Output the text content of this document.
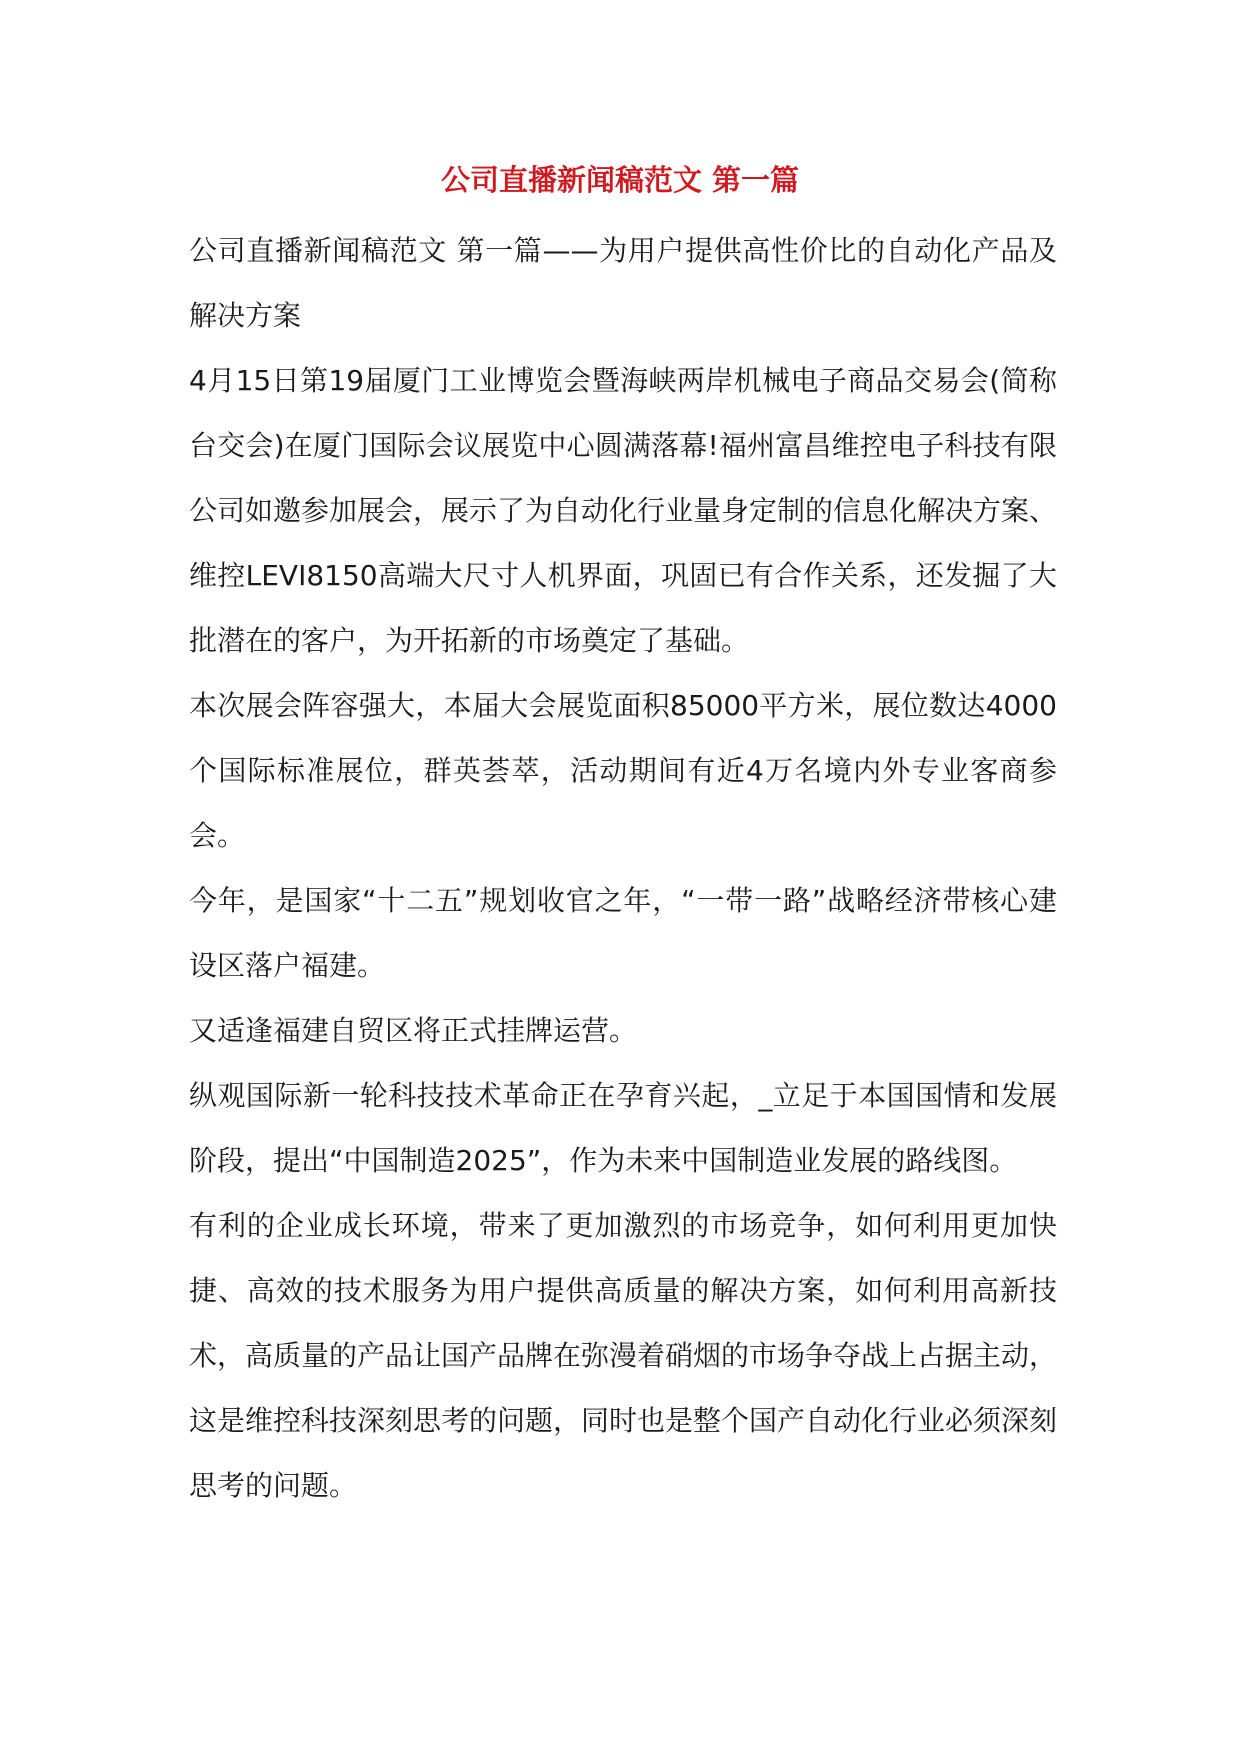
公司直播新闻稿范文 第一篇

公司直播新闻稿范文 第一篇——为用户提供高性价比的自动化产品及解决方案

4月15日第19届厦门工业博览会暨海峡两岸机械电子商品交易会(简称台交会)在厦门国际会议展览中心圆满落幕!福州富昌维控电子科技有限公司如邀参加展会，展示了为自动化行业量身定制的信息化解决方案、维控LEVI8150高端大尺寸人机界面，巩固已有合作关系，还发掘了大批潜在的客户，为开拓新的市场奠定了基础。

本次展会阵容强大，本届大会展览面积85000平方米，展位数达4000个国际标准展位，群英荟萃，活动期间有近4万名境内外专业客商参会。

今年，是国家“十二五”规划收官之年，“一带一路”战略经济带核心建设区落户福建。

又适逢福建自贸区将正式挂牌运营。

纵观国际新一轮科技技术革命正在孕育兴起，_立足于本国国情和发展阶段，提出“中国制造2025”，作为未来中国制造业发展的路线图。

有利的企业成长环境，带来了更加激烈的市场竞争，如何利用更加快捷、高效的技术服务为用户提供高质量的解决方案，如何利用高新技术，高质量的产品让国产品牌在弥漫着硝烟的市场争夺战上占据主动，这是维控科技深刻思考的问题，同时也是整个国产自动化行业必须深刻思考的问题。
